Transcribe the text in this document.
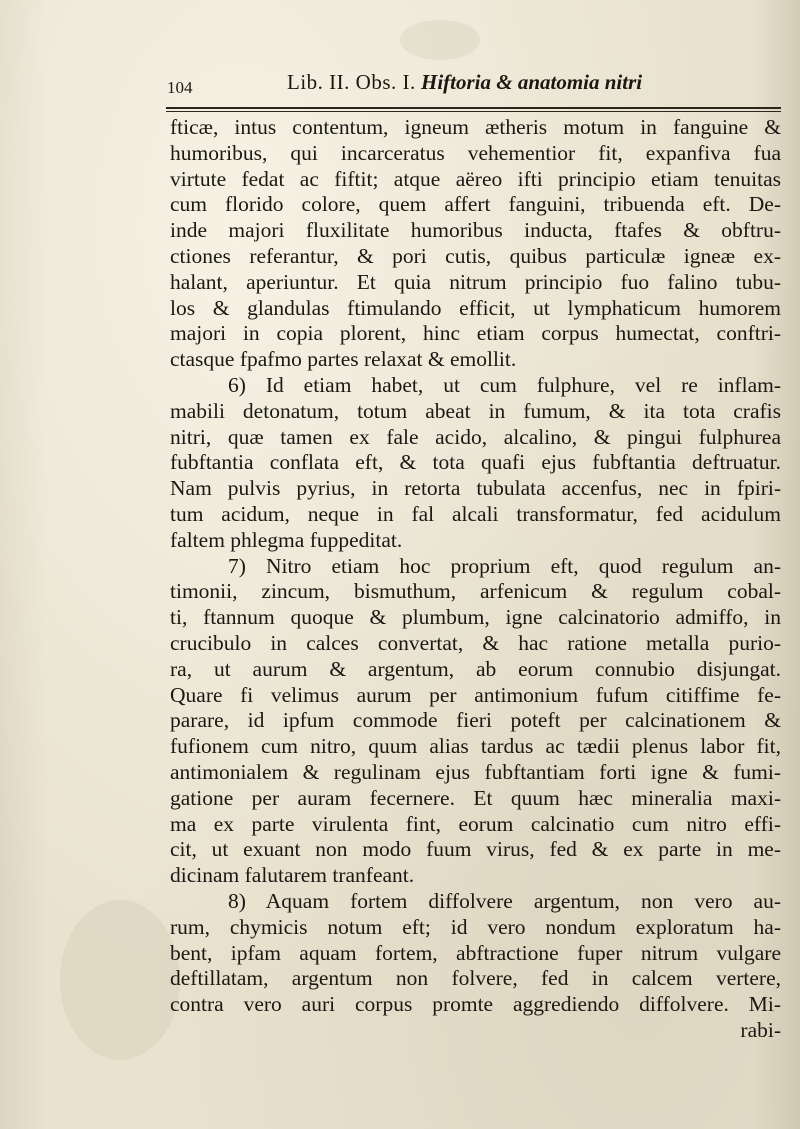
104	Lib. II. Obs. I. Hiftoria & anatomia nitri
fticæ, intus contentum, igneum ætheris motum in fanguine &
humoribus, qui incarceratus vehementior fit, expanfiva fua
virtute fedat ac fiftit; atque aëreo ifti principio etiam tenuitas
cum florido colore, quem affert fanguini, tribuenda eft. De-
inde majori fluxilitate humoribus inducta, ftafes & obftru-
ctiones referantur, & pori cutis, quibus particulæ igneæ ex-
halant, aperiuntur. Et quia nitrum principio fuo falino tubu-
los & glandulas ftimulando efficit, ut lymphaticum humorem
majori in copia plorent, hinc etiam corpus humectat, conftri-
ctasque fpafmo partes relaxat & emollit.
6) Id etiam habet, ut cum fulphure, vel re inflam-
mabili detonatum, totum abeat in fumum, & ita tota crafis
nitri, quæ tamen ex fale acido, alcalino, & pingui fulphurea
fubftantia conflata eft, & tota quafi ejus fubftantia deftruatur.
Nam pulvis pyrius, in retorta tubulata accenfus, nec in fpiri-
tum acidum, neque in fal alcali transformatur, fed acidulum
faltem phlegma fuppeditat.
7) Nitro etiam hoc proprium eft, quod regulum an-
timonii, zincum, bismuthum, arfenicum & regulum cobal-
ti, ftannum quoque & plumbum, igne calcinatorio admiffo, in
crucibulo in calces convertat, & hac ratione metalla purio-
ra, ut aurum & argentum, ab eorum connubio disjungat.
Quare fi velimus aurum per antimonium fufum citiffime fe-
parare, id ipfum commode fieri poteft per calcinationem &
fufionem cum nitro, quum alias tardus ac tædii plenus labor fit,
antimonialem & regulinam ejus fubftantiam forti igne & fumi-
gatione per auram fecernere. Et quum hæc mineralia maxi-
ma ex parte virulenta fint, eorum calcinatio cum nitro effi-
cit, ut exuant non modo fuum virus, fed & ex parte in me-
dicinam falutarem tranfeant.
8) Aquam fortem diffolvere argentum, non vero au-
rum, chymicis notum eft; id vero nondum exploratum ha-
bent, ipfam aquam fortem, abftractione fuper nitrum vulgare
deftillatam, argentum non folvere, fed in calcem vertere,
contra vero auri corpus promte aggrediendo diffolvere. Mi-
rabi-
